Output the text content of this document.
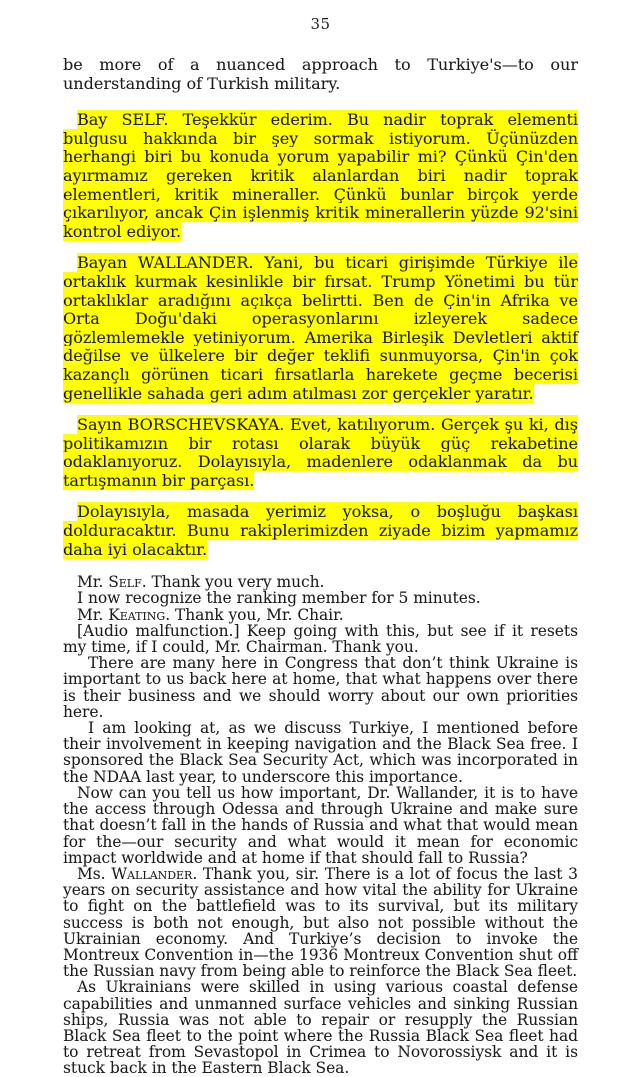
35

be more of a nuanced approach to Turkiye's—to our understanding of Turkish military.

Bay SELF. Teşekkür ederim. Bu nadir toprak elementi bulgusu hakkında bir şey sormak istiyorum. Üçünüzden herhangi biri bu konuda yorum yapabilir mi? Çünkü Çin'den ayırmamız gereken kritik alanlardan biri nadir toprak elementleri, kritik mineraller. Çünkü bunlar birçok yerde çıkarılıyor, ancak Çin işlenmiş kritik minerallerin yüzde 92'sini kontrol ediyor.

Bayan WALLANDER. Yani, bu ticari girişimde Türkiye ile ortaklık kurmak kesinlikle bir fırsat. Trump Yönetimi bu tür ortaklıklar aradığını açıkça belirtti. Ben de Çin'in Afrika ve Orta Doğu'daki operasyonlarını izleyerek sadece gözlemlemekle yetiniyorum. Amerika Birleşik Devletleri aktif değilse ve ülkelere bir değer teklifi sunmuyorsa, Çin'in çok kazançlı görünen ticari fırsatlarla harekete geçme becerisi genellikle sahada geri adım atılması zor gerçekler yaratır.

Sayın BORSCHEVSKAYA. Evet, katılıyorum. Gerçek şu ki, dış politikamızın bir rotası olarak büyük güç rekabetine odaklanıyoruz. Dolayısıyla, madenlere odaklanmak da bu tartışmanın bir parçası.

Dolayısıyla, masada yerimiz yoksa, o boşluğu başkası dolduracaktır. Bunu rakiplerimizden ziyade bizim yapmamız daha iyi olacaktır.

Mr. Self. Thank you very much.

I now recognize the ranking member for 5 minutes.

Mr. Keating. Thank you, Mr. Chair.

[Audio malfunction.] Keep going with this, but see if it resets my time, if I could, Mr. Chairman. Thank you.

There are many here in Congress that don’t think Ukraine is important to us back here at home, that what happens over there is their business and we should worry about our own priorities here.

I am looking at, as we discuss Turkiye, I mentioned before their involvement in keeping navigation and the Black Sea free. I sponsored the Black Sea Security Act, which was incorporated in the NDAA last year, to underscore this importance.

Now can you tell us how important, Dr. Wallander, it is to have the access through Odessa and through Ukraine and make sure that doesn’t fall in the hands of Russia and what that would mean for the—our security and what would it mean for economic impact worldwide and at home if that should fall to Russia?

Ms. Wallander. Thank you, sir. There is a lot of focus the last 3 years on security assistance and how vital the ability for Ukraine to fight on the battlefield was to its survival, but its military success is both not enough, but also not possible without the Ukrainian economy. And Turkiye’s decision to invoke the Montreux Convention in—the 1936 Montreux Convention shut off the Russian navy from being able to reinforce the Black Sea fleet.

As Ukrainians were skilled in using various coastal defense capabilities and unmanned surface vehicles and sinking Russian ships, Russia was not able to repair or resupply the Russian Black Sea fleet to the point where the Russia Black Sea fleet had to retreat from Sevastopol in Crimea to Novorossiysk and it is stuck back in the Eastern Black Sea.
